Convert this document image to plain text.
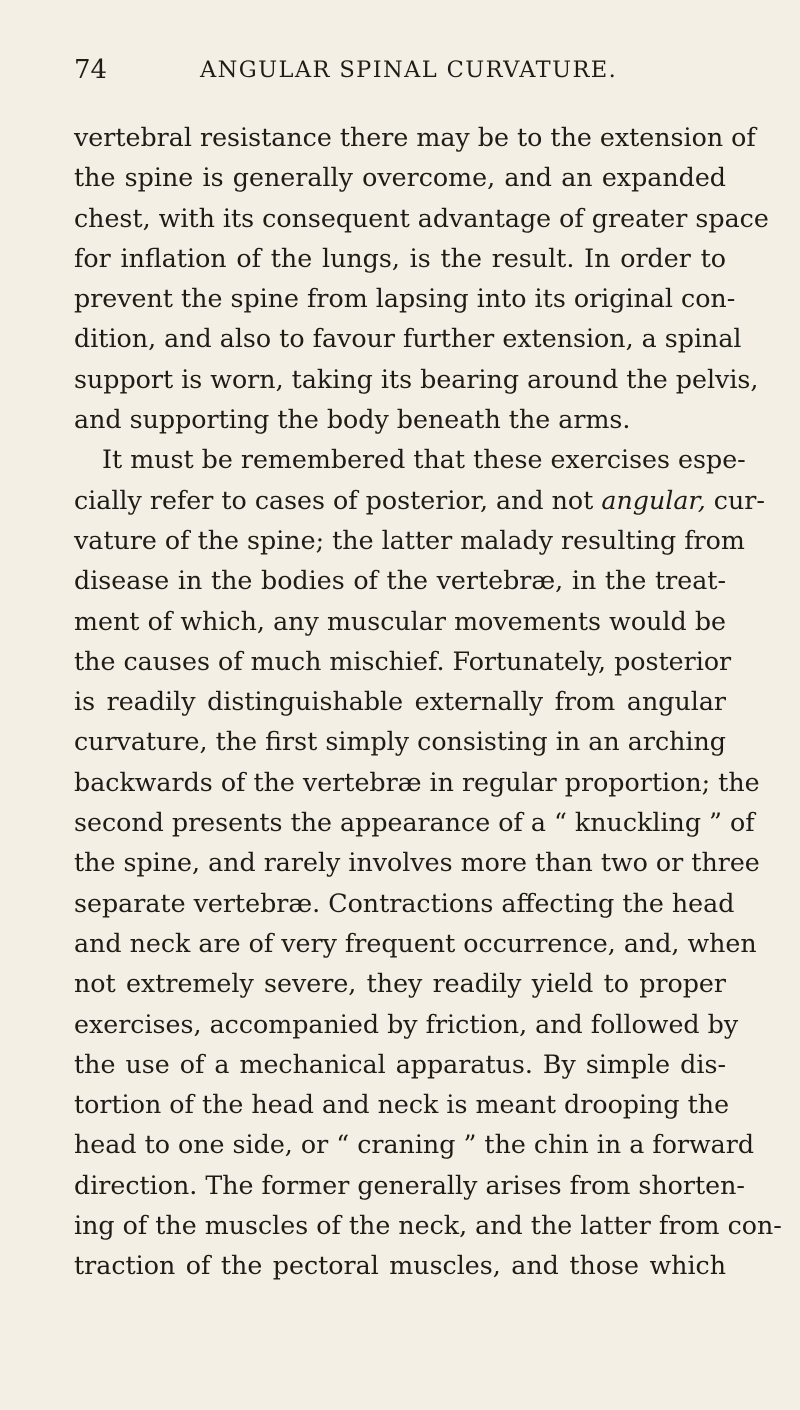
74	ANGULAR SPINAL CURVATURE.
vertebral resistance there may be to the extension of
the spine is generally overcome, and an expanded
chest, with its consequent advantage of greater space
for inflation of the lungs, is the result. In order to
prevent the spine from lapsing into its original con-
dition, and also to favour further extension, a spinal
support is worn, taking its bearing around the pelvis,
and supporting the body beneath the arms.
It must be remembered that these exercises espe-
cially refer to cases of posterior, and not angular, cur-
vature of the spine; the latter malady resulting from
disease in the bodies of the vertebræ, in the treat-
ment of which, any muscular movements would be
the causes of much mischief. Fortunately, posterior
is readily distinguishable externally from angular
curvature, the first simply consisting in an arching
backwards of the vertebræ in regular proportion; the
second presents the appearance of a “ knuckling ” of
the spine, and rarely involves more than two or three
separate vertebræ. Contractions affecting the head
and neck are of very frequent occurrence, and, when
not extremely severe, they readily yield to proper
exercises, accompanied by friction, and followed by
the use of a mechanical apparatus. By simple dis-
tortion of the head and neck is meant drooping the
head to one side, or “ craning ” the chin in a forward
direction. The former generally arises from shorten-
ing of the muscles of the neck, and the latter from con-
traction of the pectoral muscles, and those which
